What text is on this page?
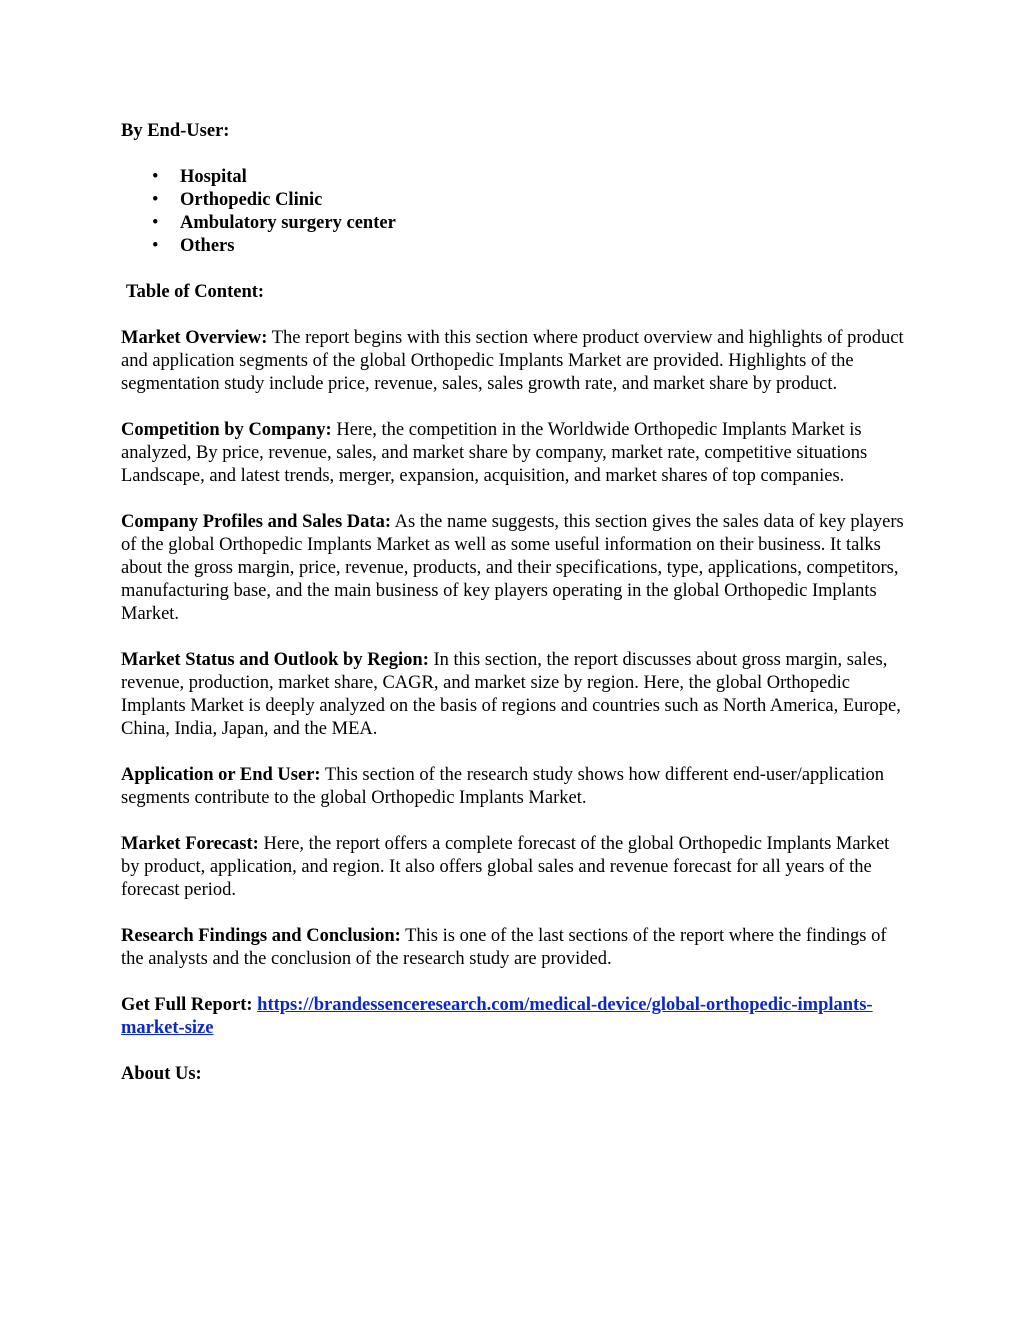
By End-User:

• Hospital
• Orthopedic Clinic
• Ambulatory surgery center
• Others

Table of Content:

Market Overview: The report begins with this section where product overview and highlights of product and application segments of the global Orthopedic Implants Market are provided. Highlights of the segmentation study include price, revenue, sales, sales growth rate, and market share by product.

Competition by Company: Here, the competition in the Worldwide Orthopedic Implants Market is analyzed, By price, revenue, sales, and market share by company, market rate, competitive situations Landscape, and latest trends, merger, expansion, acquisition, and market shares of top companies.

Company Profiles and Sales Data: As the name suggests, this section gives the sales data of key players of the global Orthopedic Implants Market as well as some useful information on their business. It talks about the gross margin, price, revenue, products, and their specifications, type, applications, competitors, manufacturing base, and the main business of key players operating in the global Orthopedic Implants Market.

Market Status and Outlook by Region: In this section, the report discusses about gross margin, sales, revenue, production, market share, CAGR, and market size by region. Here, the global Orthopedic Implants Market is deeply analyzed on the basis of regions and countries such as North America, Europe, China, India, Japan, and the MEA.

Application or End User: This section of the research study shows how different end-user/application segments contribute to the global Orthopedic Implants Market.

Market Forecast: Here, the report offers a complete forecast of the global Orthopedic Implants Market by product, application, and region. It also offers global sales and revenue forecast for all years of the forecast period.

Research Findings and Conclusion: This is one of the last sections of the report where the findings of the analysts and the conclusion of the research study are provided.

Get Full Report: https://brandessenceresearch.com/medical-device/global-orthopedic-implants-market-size

About Us:
